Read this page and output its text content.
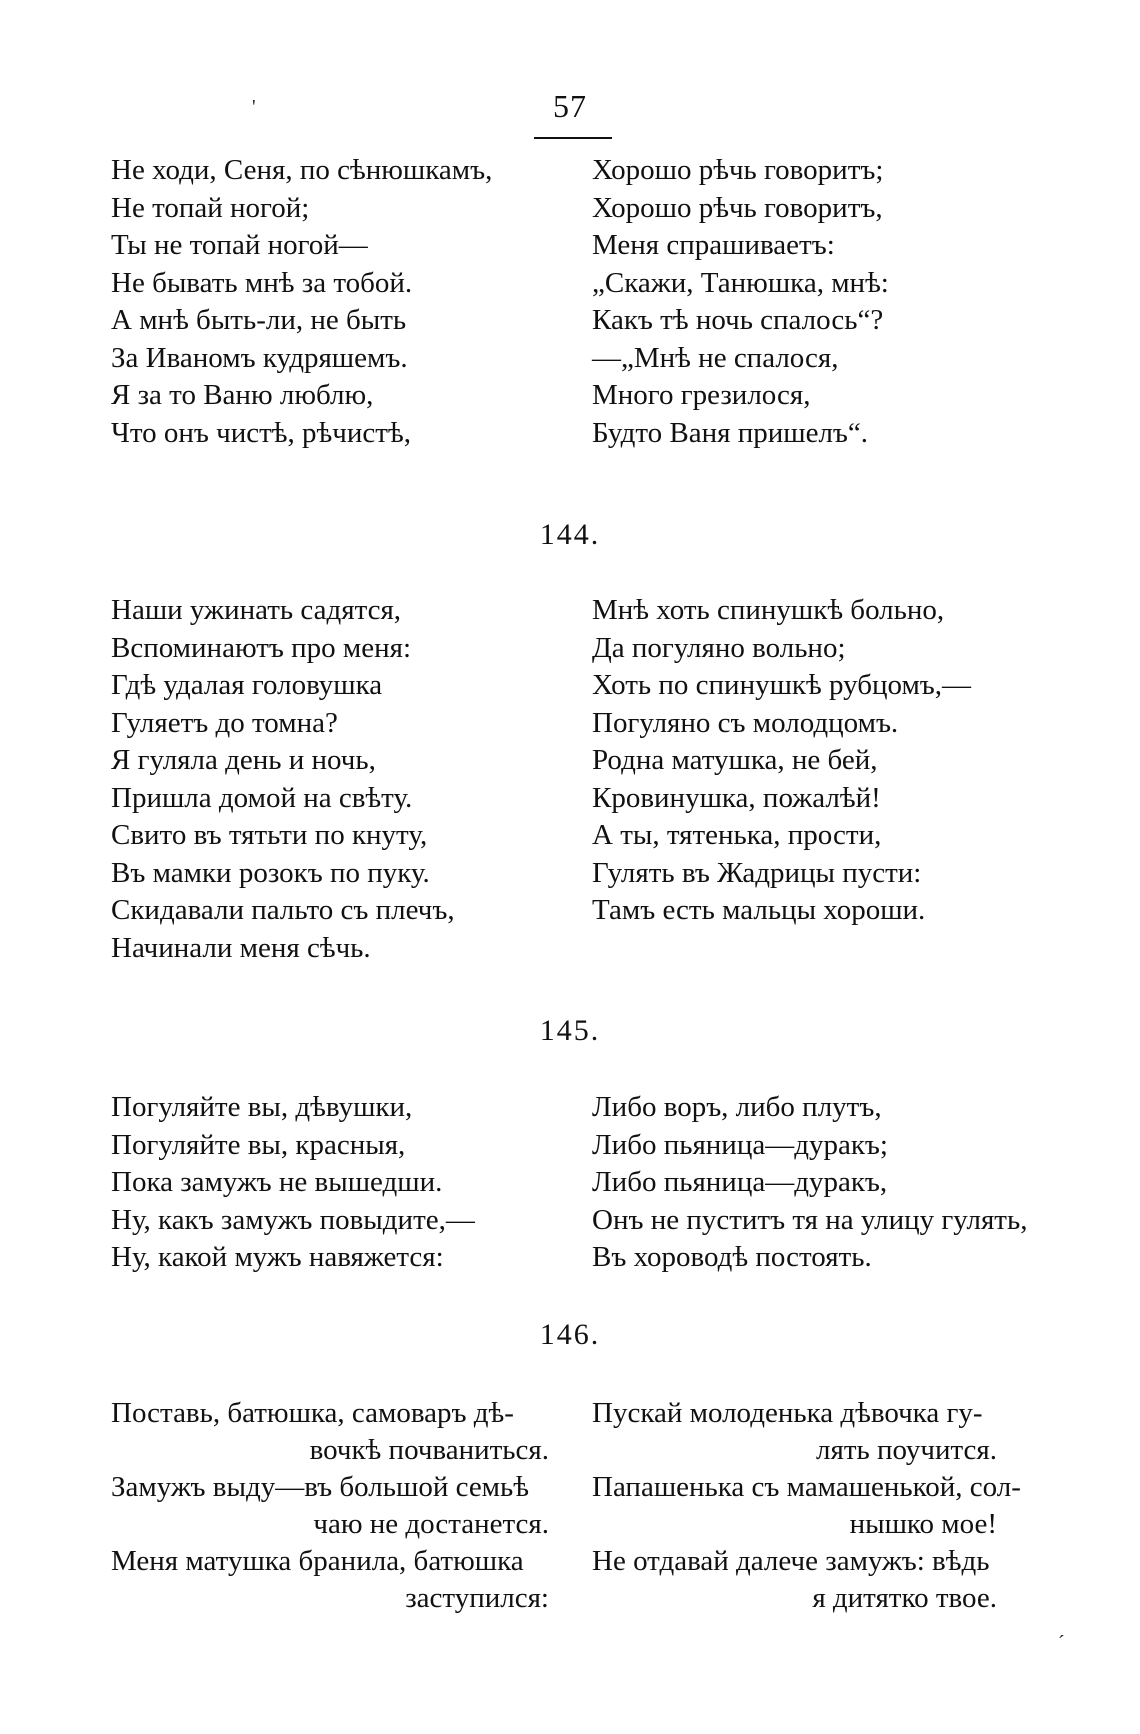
57
'
Не ходи, Сеня, по сѣнюшкамъ,
Не топай ногой;
Ты не топай ногой—
Не бывать мнѣ за тобой.
А мнѣ быть-ли, не быть
За Иваномъ кудряшемъ.
Я за то Ваню люблю,
Что онъ чистѣ, рѣчистѣ,
Хорошо рѣчь говоритъ;
Хорошо рѣчь говоритъ,
Меня спрашиваетъ:
„Скажи, Танюшка, мнѣ:
Какъ тѣ ночь спалось“?
—„Мнѣ не спалося,
Много грезилося,
Будто Ваня пришелъ“.
144.
Наши ужинать садятся,
Вспоминаютъ про меня:
Гдѣ удалая головушка
Гуляетъ до томна?
Я гуляла день и ночь,
Пришла домой на свѣту.
Свито въ тятьти по кнуту,
Въ мамки розокъ по пуку.
Скидавали пальто съ плечъ,
Начинали меня сѣчь.
Мнѣ хоть спинушкѣ больно,
Да погуляно вольно;
Хоть по спинушкѣ рубцомъ,—
Погуляно съ молодцомъ.
Родна матушка, не бей,
Кровинушка, пожалѣй!
А ты, тятенька, прости,
Гулять въ Жадрицы пусти:
Тамъ есть мальцы хороши.
145.
Погуляйте вы, дѣвушки,
Погуляйте вы, красныя,
Пока замужъ не вышедши.
Ну, какъ замужъ повыдите,—
Ну, какой мужъ навяжется:
Либо воръ, либо плутъ,
Либо пьяница—дуракъ;
Либо пьяница—дуракъ,
Онъ не пуститъ тя на улицу гулять,
Въ хороводѣ постоять.
146.
Поставь, батюшка, самоваръ дѣ-
вочкѣ почваниться.
Замужъ выду—въ большой семьѣ
чаю не достанется.
Меня матушка бранила, батюшка
заступился:
Пускай молоденька дѣвочка гу-
лять поучится.
Папашенька съ мамашенькой, сол-
нышко мое!
Не отдавай далече замужъ: вѣдь
я дитятко твое.
ˊ
